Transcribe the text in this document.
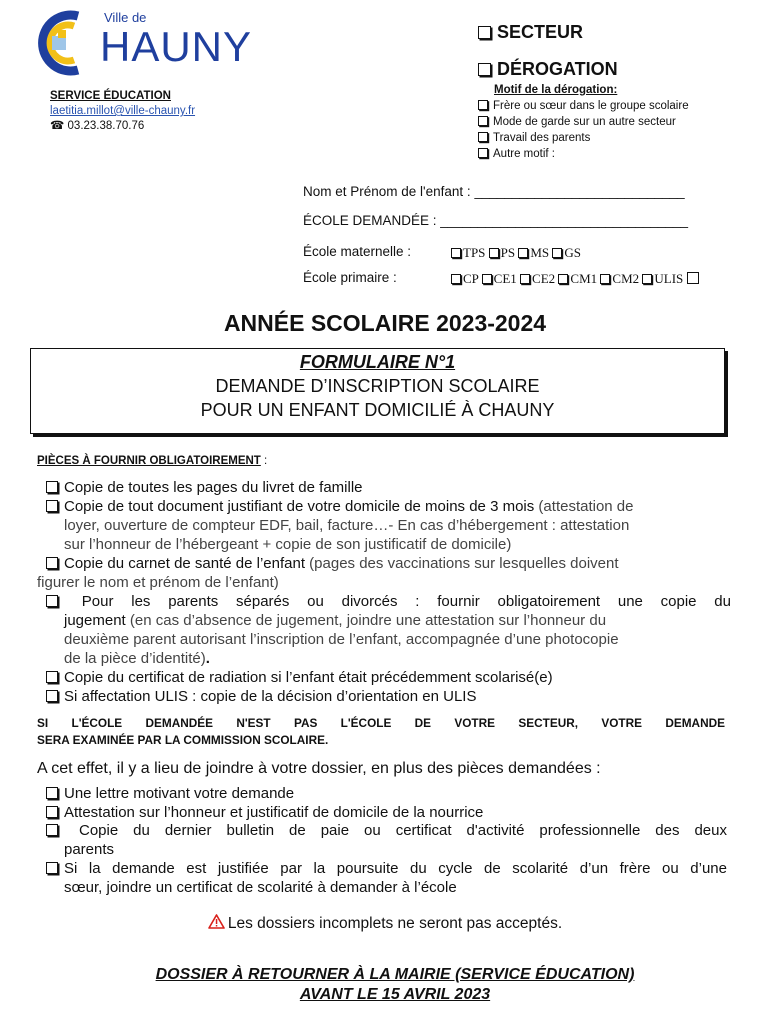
Ville de
HAUNY
SERVICE ÉDUCATION
laetitia.millot@ville-chauny.fr
☎ 03.23.38.70.76
SECTEUR
DÉROGATION
Motif de la dérogation:
Frère ou sœur dans le groupe scolaire
Mode de garde sur un autre secteur
Travail des parents
Autre motif :
Nom et Prénom de l'enfant : ____________________________
ÉCOLE DEMANDÉE : _________________________________
École maternelle :	TPS PS MS GS
École primaire :	CP CE1 CE2 CM1 CM2 ULIS
ANNÉE SCOLAIRE 2023-2024
FORMULAIRE N°1
DEMANDE D’INSCRIPTION SCOLAIRE
POUR UN ENFANT DOMICILIÉ À CHAUNY
PIÈCES À FOURNIR OBLIGATOIREMENT :
Copie de toutes les pages du livret de famille
Copie de tout document justifiant de votre domicile de moins de 3 mois (attestation de
loyer, ouverture de compteur EDF, bail, facture…- En cas d’hébergement : attestation
sur l’honneur de l’hébergeant + copie de son justificatif de domicile)
Copie du carnet de santé de l’enfant (pages des vaccinations sur lesquelles doivent
figurer le nom et prénom de l’enfant)
Pour les parents séparés ou divorcés : fournir obligatoirement une copie du
jugement (en cas d’absence de jugement, joindre une attestation sur l’honneur du
deuxième parent autorisant l’inscription de l’enfant, accompagnée d’une photocopie
de la pièce d’identité).
Copie du certificat de radiation si l’enfant était précédemment scolarisé(e)
Si affectation ULIS : copie de la décision d’orientation en ULIS
SI L'ÉCOLE DEMANDÉE N'EST PAS L'ÉCOLE DE VOTRE SECTEUR, VOTRE DEMANDE
SERA EXAMINÉE PAR LA COMMISSION SCOLAIRE.
A cet effet, il y a lieu de joindre à votre dossier, en plus des pièces demandées :
Une lettre motivant votre demande
Attestation sur l’honneur et justificatif de domicile de la nourrice
Copie du dernier bulletin de paie ou certificat d'activité professionnelle des deux
parents
Si la demande est justifiée par la poursuite du cycle de scolarité d’un frère ou d’une
sœur, joindre un certificat de scolarité à demander à l’école
Les dossiers incomplets ne seront pas acceptés.
DOSSIER À RETOURNER À LA MAIRIE (SERVICE ÉDUCATION)
AVANT LE 15 AVRIL 2023
